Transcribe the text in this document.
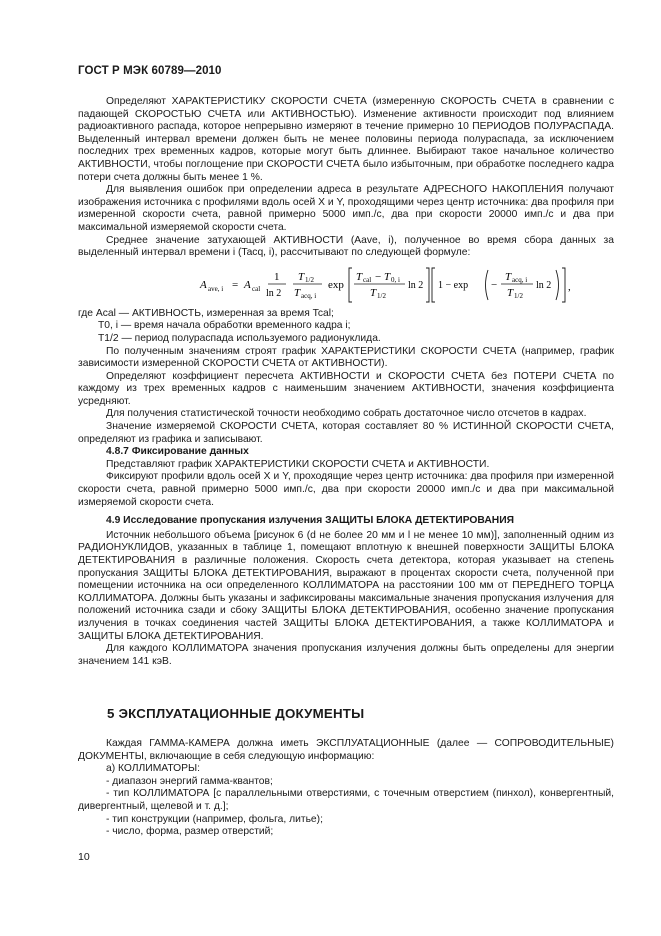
ГОСТ Р МЭК 60789—2010

Определяют ХАРАКТЕРИСТИКУ СКОРОСТИ СЧЕТА (измеренную СКОРОСТЬ СЧЕТА в сравнении с падающей СКОРОСТЬЮ СЧЕТА или АКТИВНОСТЬЮ). Изменение активности происходит под влиянием радиоактивного распада, которое непрерывно измеряют в течение примерно 10 ПЕРИОДОВ ПОЛУРАСПАДА. Выделенный интервал времени должен быть не менее половины периода полураспада, за исключением последних трех временных кадров, которые могут быть длиннее. Выбирают такое начальное количество АКТИВНОСТИ, чтобы поглощение при СКОРОСТИ СЧЕТА было избыточным, при обработке последнего кадра потери счета должны быть менее 1 %.

Для выявления ошибок при определении адреса в результате АДРЕСНОГО НАКОПЛЕНИЯ получают изображения источника с профилями вдоль осей X и Y, проходящими через центр источника: два профиля при измеренной скорости счета, равной примерно 5000 имп./с, два при скорости 20000 имп./с и два при максимальной измеряемой скорости счета.

Среднее значение затухающей АКТИВНОСТИ (Aave, i), полученное во время сбора данных за выделенный интервал времени i (Tacq, i), рассчитывают по следующей формуле:

A ave, i = A cal
1
ln 2
T 1/2
T acq, i
exp
T cal − T 0, i
T 1/2
ln 2 1 − exp −
T acq, i
T 1/2
ln 2 ,

где Acal — АКТИВНОСТЬ, измеренная за время Tcal;

T0, i — время начала обработки временного кадра i;

T1/2 — период полураспада используемого радионуклида.

По полученным значениям строят график ХАРАКТЕРИСТИКИ СКОРОСТИ СЧЕТА (например, график зависимости измеренной СКОРОСТИ СЧЕТА от АКТИВНОСТИ).

Определяют коэффициент пересчета АКТИВНОСТИ и СКОРОСТИ СЧЕТА без ПОТЕРИ СЧЕТА по каждому из трех временных кадров с наименьшим значением АКТИВНОСТИ, значения коэффициента усредняют.

Для получения статистической точности необходимо собрать достаточное число отсчетов в кадрах.

Значение измеряемой СКОРОСТИ СЧЕТА, которая составляет 80 % ИСТИННОЙ СКОРОСТИ СЧЕТА, определяют из графика и записывают.

4.8.7 Фиксирование данных

Представляют график ХАРАКТЕРИСТИКИ СКОРОСТИ СЧЕТА и АКТИВНОСТИ.

Фиксируют профили вдоль осей X и Y, проходящие через центр источника: два профиля при измеренной скорости счета, равной примерно 5000 имп./с, два при скорости 20000 имп./с и два при максимальной измеряемой скорости счета.

4.9 Исследование пропускания излучения ЗАЩИТЫ БЛОКА ДЕТЕКТИРОВАНИЯ

Источник небольшого объема [рисунок 6 (d не более 20 мм и l не менее 10 мм)], заполненный одним из РАДИОНУКЛИДОВ, указанных в таблице 1, помещают вплотную к внешней поверхности ЗАЩИТЫ БЛОКА ДЕТЕКТИРОВАНИЯ в различные положения. Скорость счета детектора, которая указывает на степень пропускания ЗАЩИТЫ БЛОКА ДЕТЕКТИРОВАНИЯ, выражают в процентах скорости счета, полученной при помещении источника на оси определенного КОЛЛИМАТОРА на расстоянии 100 мм от ПЕРЕДНЕГО ТОРЦА КОЛЛИМАТОРА. Должны быть указаны и зафиксированы максимальные значения пропускания излучения для положений источника сзади и сбоку ЗАЩИТЫ БЛОКА ДЕТЕКТИРОВАНИЯ, особенно значение пропускания излучения в точках соединения частей ЗАЩИТЫ БЛОКА ДЕТЕКТИРОВАНИЯ, а также КОЛЛИМАТОРА и ЗАЩИТЫ БЛОКА ДЕТЕКТИРОВАНИЯ.

Для каждого КОЛЛИМАТОРА значения пропускания излучения должны быть определены для энергии значением 141 кэВ.

5 ЭКСПЛУАТАЦИОННЫЕ ДОКУМЕНТЫ

Каждая ГАММА-КАМЕРА должна иметь ЭКСПЛУАТАЦИОННЫЕ (далее — СОПРОВОДИТЕЛЬНЫЕ) ДОКУМЕНТЫ, включающие в себя следующую информацию:

а) КОЛЛИМАТОРЫ:

- диапазон энергий гамма-квантов;

- тип КОЛЛИМАТОРА [с параллельными отверстиями, с точечным отверстием (пинхол), конвергентный, дивергентный, щелевой и т. д.];

- тип конструкции (например, фольга, литье);

- число, форма, размер отверстий;

10
